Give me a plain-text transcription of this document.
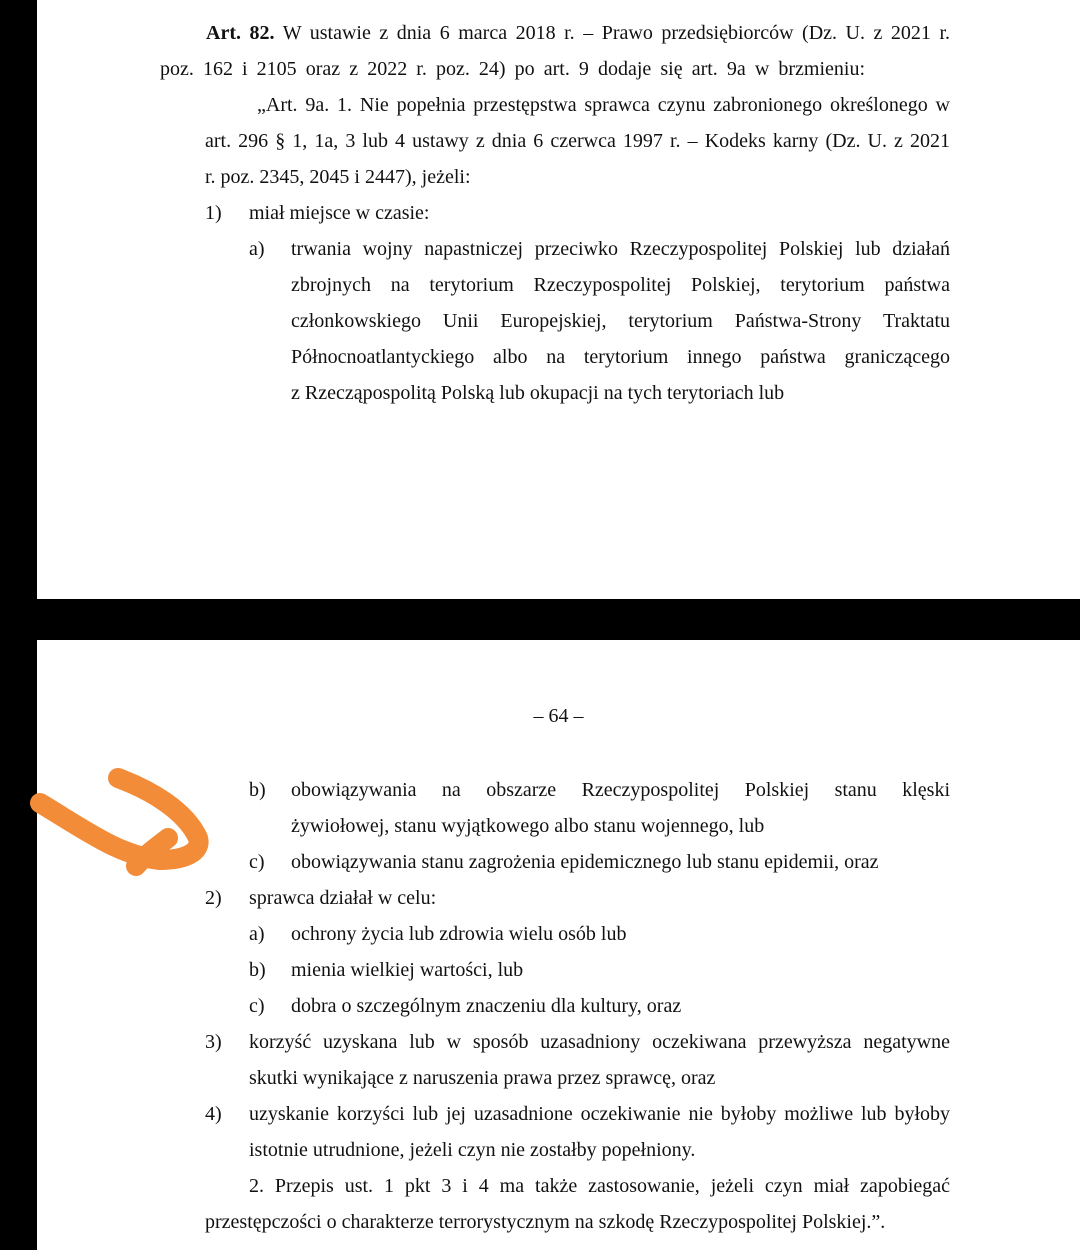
Art. 82. W ustawie z dnia 6 marca 2018 r. – Prawo przedsiębiorców (Dz. U. z 2021 r.
poz. 162 i 2105 oraz z 2022 r. poz. 24) po art. 9 dodaje się art. 9a w brzmieniu:
„Art. 9a. 1. Nie popełnia przestępstwa sprawca czynu zabronionego określonego w
art. 296 § 1, 1a, 3 lub 4 ustawy z dnia 6 czerwca 1997 r. – Kodeks karny (Dz. U. z 2021
r. poz. 2345, 2045 i 2447), jeżeli:
1) miał miejsce w czasie:
a) trwania wojny napastniczej przeciwko Rzeczypospolitej Polskiej lub działań
zbrojnych na terytorium Rzeczypospolitej Polskiej, terytorium państwa
członkowskiego Unii Europejskiej, terytorium Państwa-Strony Traktatu
Północnoatlantyckiego albo na terytorium innego państwa graniczącego
z Rzecząpospolitą Polską lub okupacji na tych terytoriach lub
– 64 –
b) obowiązywania na obszarze Rzeczypospolitej Polskiej stanu klęski
żywiołowej, stanu wyjątkowego albo stanu wojennego, lub
c) obowiązywania stanu zagrożenia epidemicznego lub stanu epidemii, oraz
2) sprawca działał w celu:
a) ochrony życia lub zdrowia wielu osób lub
b) mienia wielkiej wartości, lub
c) dobra o szczególnym znaczeniu dla kultury, oraz
3) korzyść uzyskana lub w sposób uzasadniony oczekiwana przewyższa negatywne
skutki wynikające z naruszenia prawa przez sprawcę, oraz
4) uzyskanie korzyści lub jej uzasadnione oczekiwanie nie byłoby możliwe lub byłoby
istotnie utrudnione, jeżeli czyn nie zostałby popełniony.
2. Przepis ust. 1 pkt 3 i 4 ma także zastosowanie, jeżeli czyn miał zapobiegać
przestępczości o charakterze terrorystycznym na szkodę Rzeczypospolitej Polskiej.”.
